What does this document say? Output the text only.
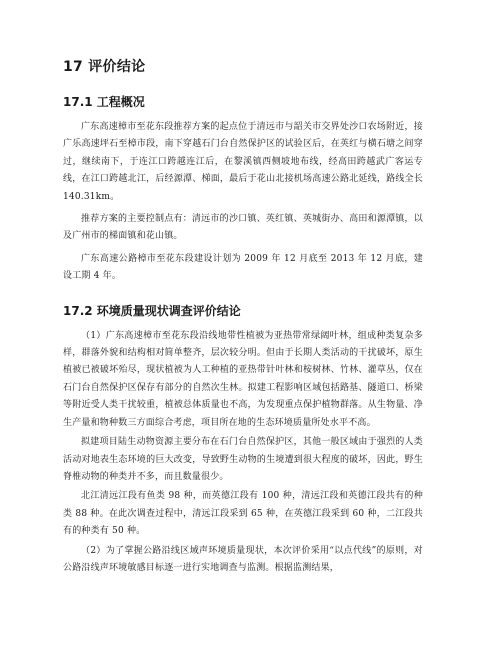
17 评价结论
17.1 工程概况

广东高速樟市至花东段推荐方案的起点位于清远市与韶关市交界处沙口农场附近，接广乐高速坪石至樟市段，南下穿越石门台自然保护区的试验区后，在英红与横石塘之间穿过，继续南下，于连江口跨越连江后，在黎溪镇西侧坡地布线，经高田跨越武广客运专线，在江口跨越北江，后经源潭、梯面，最后于花山北接机场高速公路北延线，路线全长 140.31km。

推荐方案的主要控制点有：清远市的沙口镇、英红镇、英城街办、高田和源潭镇，以及广州市的梯面镇和花山镇。

广东高速公路樟市至花东段建设计划为 2009 年 12 月底至 2013 年 12 月底，建设工期 4 年。

17.2 环境质量现状调查评价结论

（1）广东高速樟市至花东段沿线地带性植被为亚热带常绿阔叶林，组成种类复杂多样，群落外貌和结构相对简单整齐，层次较分明。但由于长期人类活动的干扰破坏，原生植被已被破坏殆尽，现状植被为人工种植的亚热带针叶林和桉树林、竹林、灌草丛，仅在石门台自然保护区保存有部分的自然次生林。拟建工程影响区域包括路基、隧道口、桥梁等附近受人类干扰较重，植被总体质量也不高，为发现重点保护植物群落。从生物量、净生产量和物种数三方面综合考虑，项目所在地的生态环境质量所处水平不高。

拟建项目陆生动物资源主要分布在石门台自然保护区，其他一般区域由于强烈的人类活动对地表生态环境的巨大改变，导致野生动物的生境遭到很大程度的破坏，因此，野生脊椎动物的种类并不多，而且数量很少。

北江清远江段有鱼类 98 种，而英德江段有 100 种，清远江段和英德江段共有的种类 88 种。在此次调查过程中，清远江段采到 65 种，在英德江段采到 60 种，二江段共有的种类有 50 种。

（2）为了掌握公路沿线区域声环境质量现状，本次评价采用“以点代线”的原则，对公路沿线声环境敏感目标逐一进行实地调查与监测。根据监测结果，
